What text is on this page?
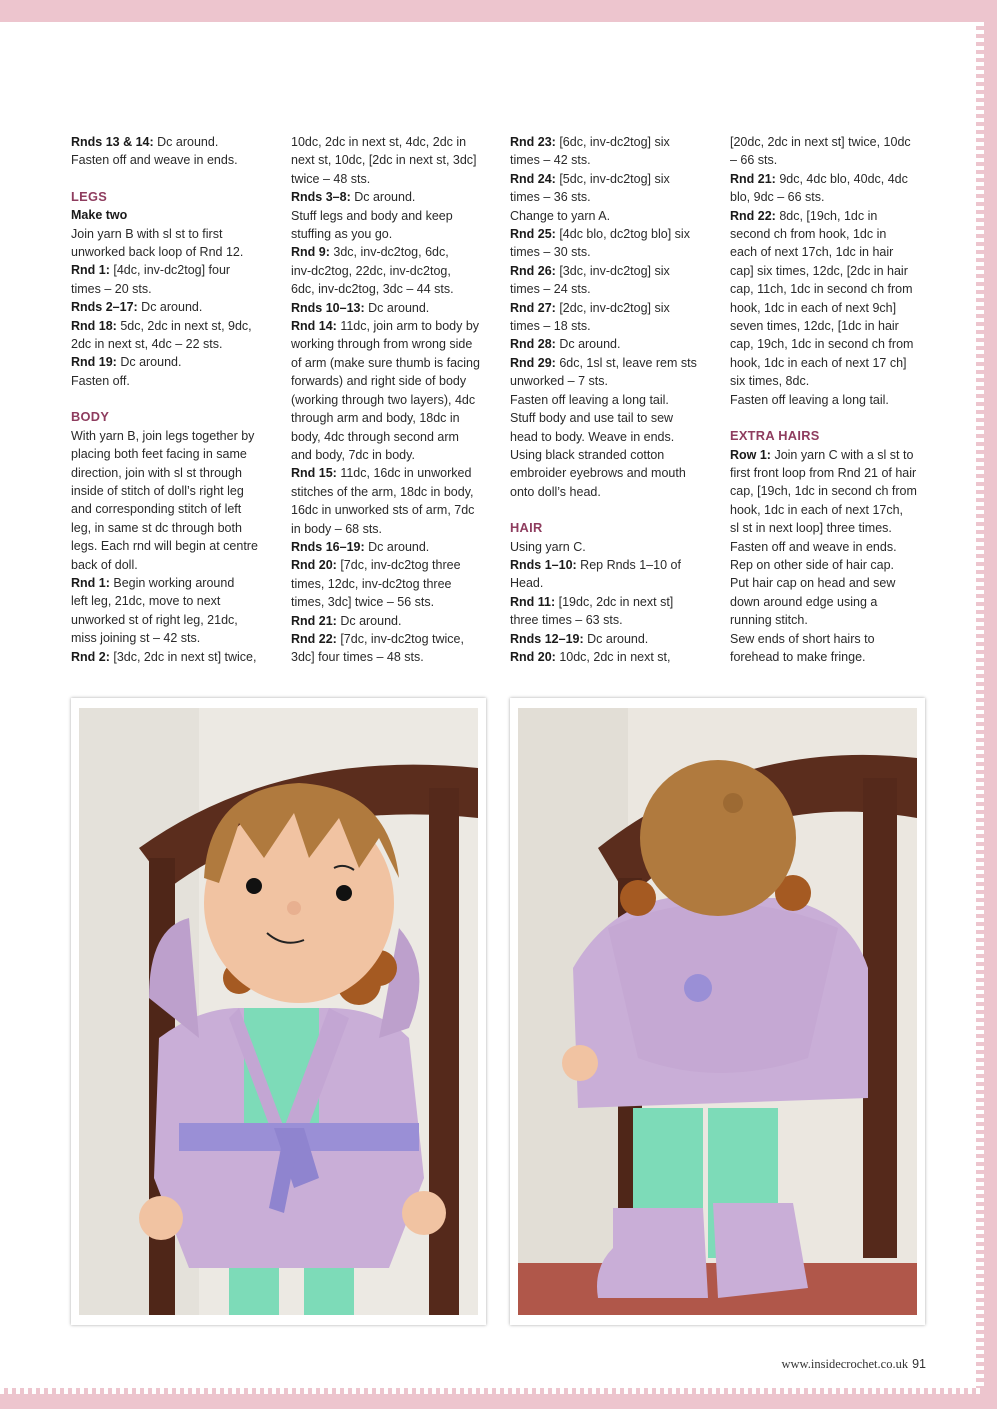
Rnds 13 & 14: Dc around.

Fasten off and weave in ends.

LEGS

Make two

Join yarn B with sl st to first

unworked back loop of Rnd 12.

Rnd 1: [4dc, inv-dc2tog] four

times – 20 sts.

Rnds 2–17: Dc around.

Rnd 18: 5dc, 2dc in next st, 9dc,

2dc in next st, 4dc – 22 sts.

Rnd 19: Dc around.

Fasten off.

BODY

With yarn B, join legs together by

placing both feet facing in same

direction, join with sl st through

inside of stitch of doll’s right leg

and corresponding stitch of left

leg, in same st dc through both

legs. Each rnd will begin at centre

back of doll.

Rnd 1: Begin working around

left leg, 21dc, move to next

unworked st of right leg, 21dc,

miss joining st – 42 sts.

Rnd 2: [3dc, 2dc in next st] twice,

10dc, 2dc in next st, 4dc, 2dc in

next st, 10dc, [2dc in next st, 3dc]

twice – 48 sts.

Rnds 3–8: Dc around.

Stuff legs and body and keep

stuffing as you go.

Rnd 9: 3dc, inv-dc2tog, 6dc,

inv-dc2tog, 22dc, inv-dc2tog,

6dc, inv-dc2tog, 3dc – 44 sts.

Rnds 10–13: Dc around.

Rnd 14: 11dc, join arm to body by

working through from wrong side

of arm (make sure thumb is facing

forwards) and right side of body

(working through two layers), 4dc

through arm and body, 18dc in

body, 4dc through second arm

and body, 7dc in body.

Rnd 15: 11dc, 16dc in unworked

stitches of the arm, 18dc in body,

16dc in unworked sts of arm, 7dc

in body – 68 sts.

Rnds 16–19: Dc around.

Rnd 20: [7dc, inv-dc2tog three

times, 12dc, inv-dc2tog three

times, 3dc] twice – 56 sts.

Rnd 21: Dc around.

Rnd 22: [7dc, inv-dc2tog twice,

3dc] four times – 48 sts.

Rnd 23: [6dc, inv-dc2tog] six

times – 42 sts.

Rnd 24: [5dc, inv-dc2tog] six

times – 36 sts.

Change to yarn A.

Rnd 25: [4dc blo, dc2tog blo] six

times – 30 sts.

Rnd 26: [3dc, inv-dc2tog] six

times – 24 sts.

Rnd 27: [2dc, inv-dc2tog] six

times – 18 sts.

Rnd 28: Dc around.

Rnd 29: 6dc, 1sl st, leave rem sts

unworked – 7 sts.

Fasten off leaving a long tail.

Stuff body and use tail to sew

head to body. Weave in ends.

Using black stranded cotton

embroider eyebrows and mouth

onto doll’s head.

HAIR

Using yarn C.

Rnds 1–10: Rep Rnds 1–10 of

Head.

Rnd 11: [19dc, 2dc in next st]

three times – 63 sts.

Rnds 12–19: Dc around.

Rnd 20: 10dc, 2dc in next st,

[20dc, 2dc in next st] twice, 10dc

– 66 sts.

Rnd 21: 9dc, 4dc blo, 40dc, 4dc

blo, 9dc – 66 sts.

Rnd 22: 8dc, [19ch, 1dc in

second ch from hook, 1dc in

each of next 17ch, 1dc in hair

cap] six times, 12dc, [2dc in hair

cap, 11ch, 1dc in second ch from

hook, 1dc in each of next 9ch]

seven times, 12dc, [1dc in hair

cap, 19ch, 1dc in second ch from

hook, 1dc in each of next 17 ch]

six times, 8dc.

Fasten off leaving a long tail.

EXTRA HAIRS

Row 1: Join yarn C with a sl st to

first front loop from Rnd 21 of hair

cap, [19ch, 1dc in second ch from

hook, 1dc in each of next 17ch,

sl st in next loop] three times.

Fasten off and weave in ends.

Rep on other side of hair cap.

Put hair cap on head and sew

down around edge using a

running stitch.

Sew ends of short hairs to

forehead to make fringe.

www.insidecrochet.co.uk 91
